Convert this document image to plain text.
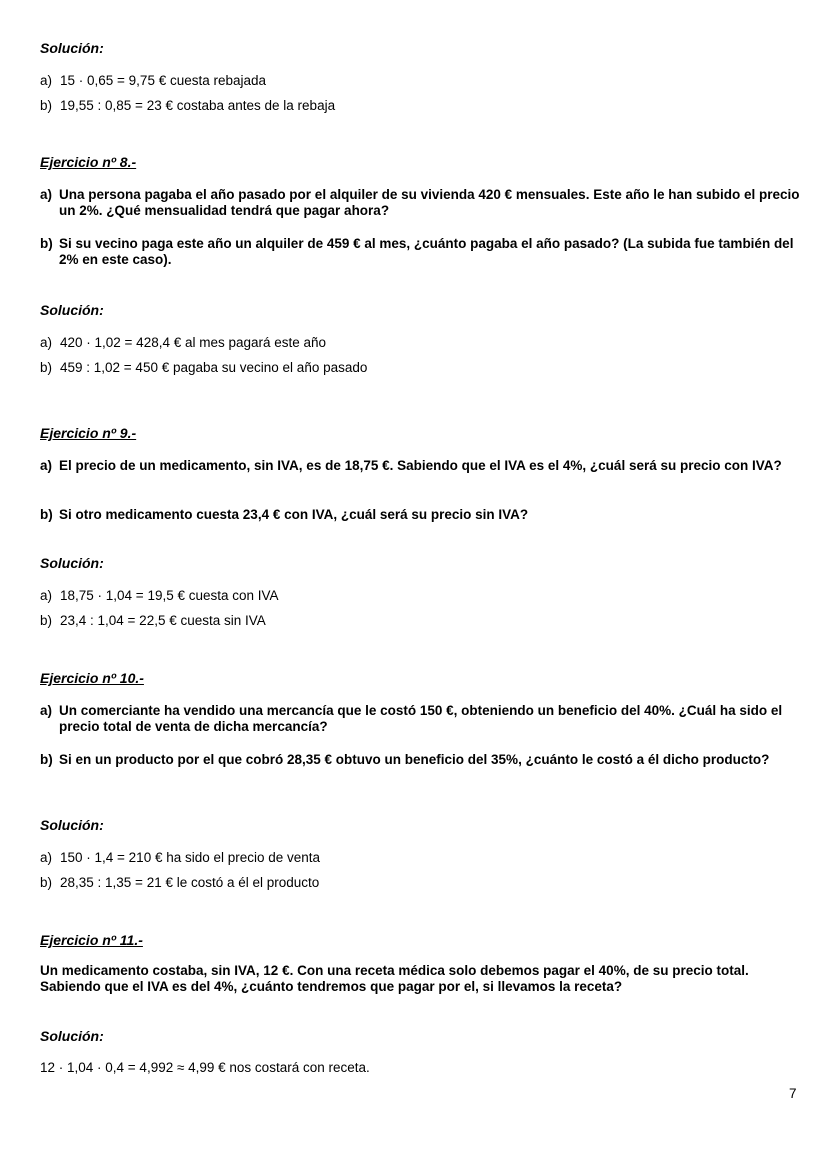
Solución:
a) 15 · 0,65 = 9,75 € cuesta rebajada
b) 19,55 : 0,85 = 23 € costaba antes de la rebaja
Ejercicio nº 8.-
a) Una persona pagaba el año pasado por el alquiler de su vivienda 420 € mensuales. Este año le han subido el precio un 2%. ¿Qué mensualidad tendrá que pagar ahora?
b) Si su vecino paga este año un alquiler de 459 € al mes, ¿cuánto pagaba el año pasado? (La subida fue también del 2% en este caso).
Solución:
a) 420 · 1,02 = 428,4 € al mes pagará este año
b) 459 : 1,02 = 450 € pagaba su vecino el año pasado
Ejercicio nº 9.-
a) El precio de un medicamento, sin IVA, es de 18,75 €. Sabiendo que el IVA es el 4%, ¿cuál será su precio con IVA?
b) Si otro medicamento cuesta 23,4 € con IVA, ¿cuál será su precio sin IVA?
Solución:
a) 18,75 · 1,04 = 19,5 € cuesta con IVA
b) 23,4 : 1,04 = 22,5 € cuesta sin IVA
Ejercicio nº 10.-
a) Un comerciante ha vendido una mercancía que le costó 150 €, obteniendo un beneficio del 40%. ¿Cuál ha sido el precio total de venta de dicha mercancía?
b) Si en un producto por el que cobró 28,35 € obtuvo un beneficio del 35%, ¿cuánto le costó a él dicho producto?
Solución:
a) 150 · 1,4 = 210 € ha sido el precio de venta
b) 28,35 : 1,35 = 21 € le costó a él el producto
Ejercicio nº 11.-
Un medicamento costaba, sin IVA, 12 €. Con una receta médica solo debemos pagar el 40%, de su precio total. Sabiendo que el IVA es del 4%, ¿cuánto tendremos que pagar por el, si llevamos la receta?
Solución:
12 · 1,04 · 0,4 = 4,992 ≈ 4,99 € nos costará con receta.
7
